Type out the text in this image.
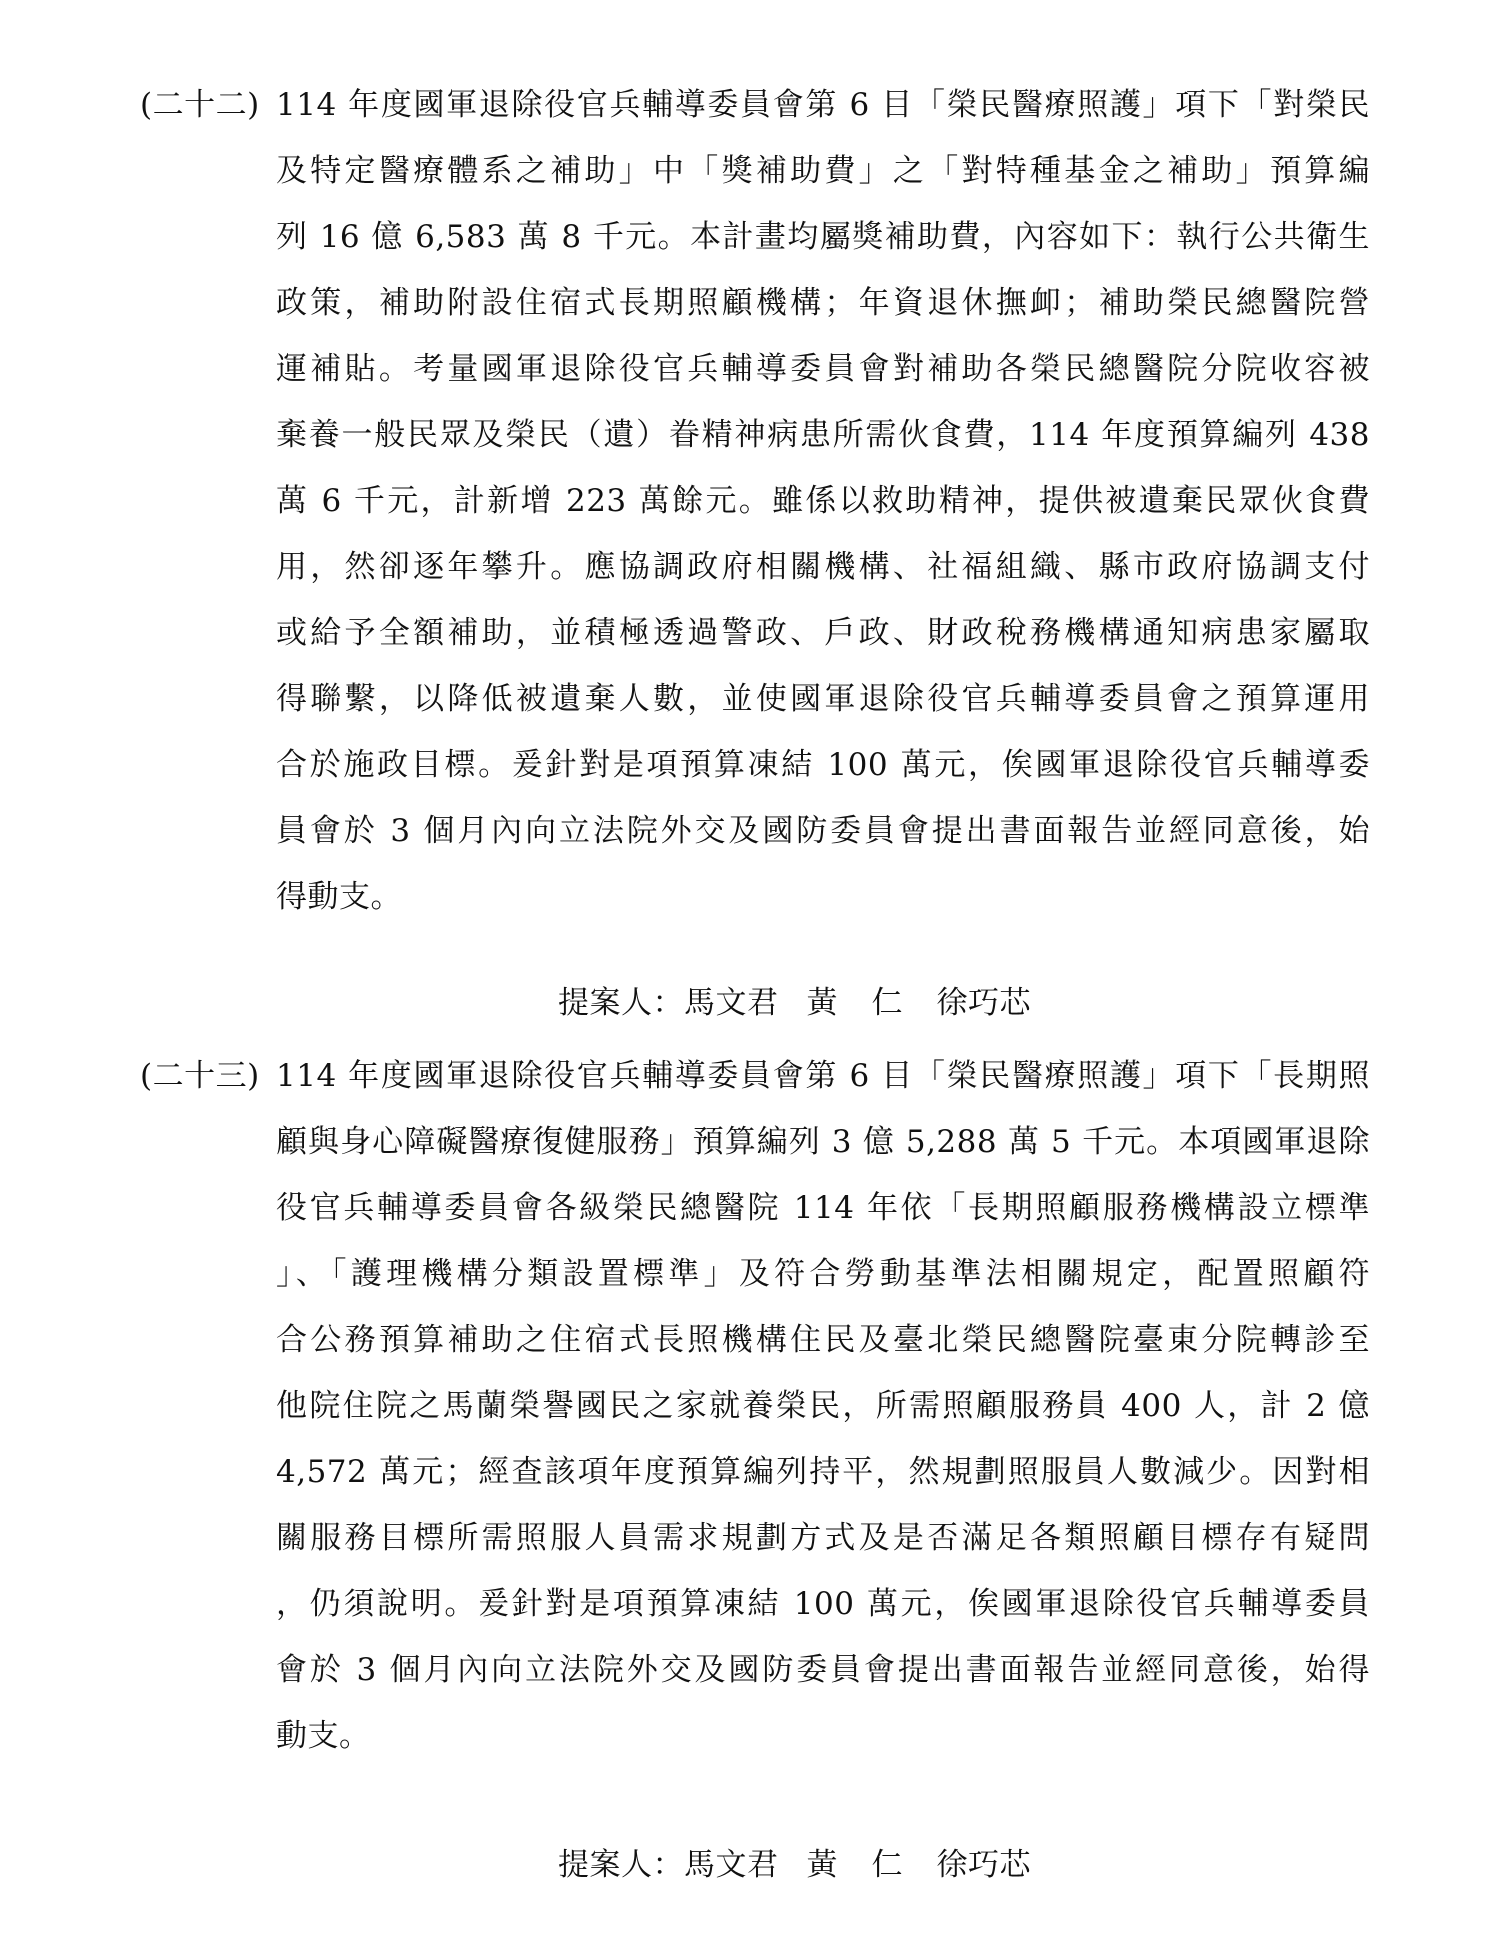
(二十二) 114 年度國軍退除役官兵輔導委員會第 6 目「榮民醫療照護」項下「對榮民
及特定醫療體系之補助」中「獎補助費」之「對特種基金之補助」預算編
列 16 億 6,583 萬 8 千元。本計畫均屬獎補助費，內容如下：執行公共衛生
政策，補助附設住宿式長期照顧機構；年資退休撫卹；補助榮民總醫院營
運補貼。考量國軍退除役官兵輔導委員會對補助各榮民總醫院分院收容被
棄養一般民眾及榮民（遺）眷精神病患所需伙食費，114 年度預算編列 438
萬 6 千元，計新增 223 萬餘元。雖係以救助精神，提供被遺棄民眾伙食費
用，然卻逐年攀升。應協調政府相關機構、社福組織、縣市政府協調支付
或給予全額補助，並積極透過警政、戶政、財政稅務機構通知病患家屬取
得聯繫，以降低被遺棄人數，並使國軍退除役官兵輔導委員會之預算運用
合於施政目標。爰針對是項預算凍結 100 萬元，俟國軍退除役官兵輔導委
員會於 3 個月內向立法院外交及國防委員會提出書面報告並經同意後，始
得動支。
提案人：馬文君 黃仁徐巧芯
(二十三) 114 年度國軍退除役官兵輔導委員會第 6 目「榮民醫療照護」項下「長期照
顧與身心障礙醫療復健服務」預算編列 3 億 5,288 萬 5 千元。本項國軍退除
役官兵輔導委員會各級榮民總醫院 114 年依「長期照顧服務機構設立標準
」、「護理機構分類設置標準」及符合勞動基準法相關規定，配置照顧符
合公務預算補助之住宿式長照機構住民及臺北榮民總醫院臺東分院轉診至
他院住院之馬蘭榮譽國民之家就養榮民，所需照顧服務員 400 人，計 2 億
4,572 萬元；經查該項年度預算編列持平，然規劃照服員人數減少。因對相
關服務目標所需照服人員需求規劃方式及是否滿足各類照顧目標存有疑問
，仍須說明。爰針對是項預算凍結 100 萬元，俟國軍退除役官兵輔導委員
會於 3 個月內向立法院外交及國防委員會提出書面報告並經同意後，始得
動支。
提案人：馬文君 黃仁徐巧芯
